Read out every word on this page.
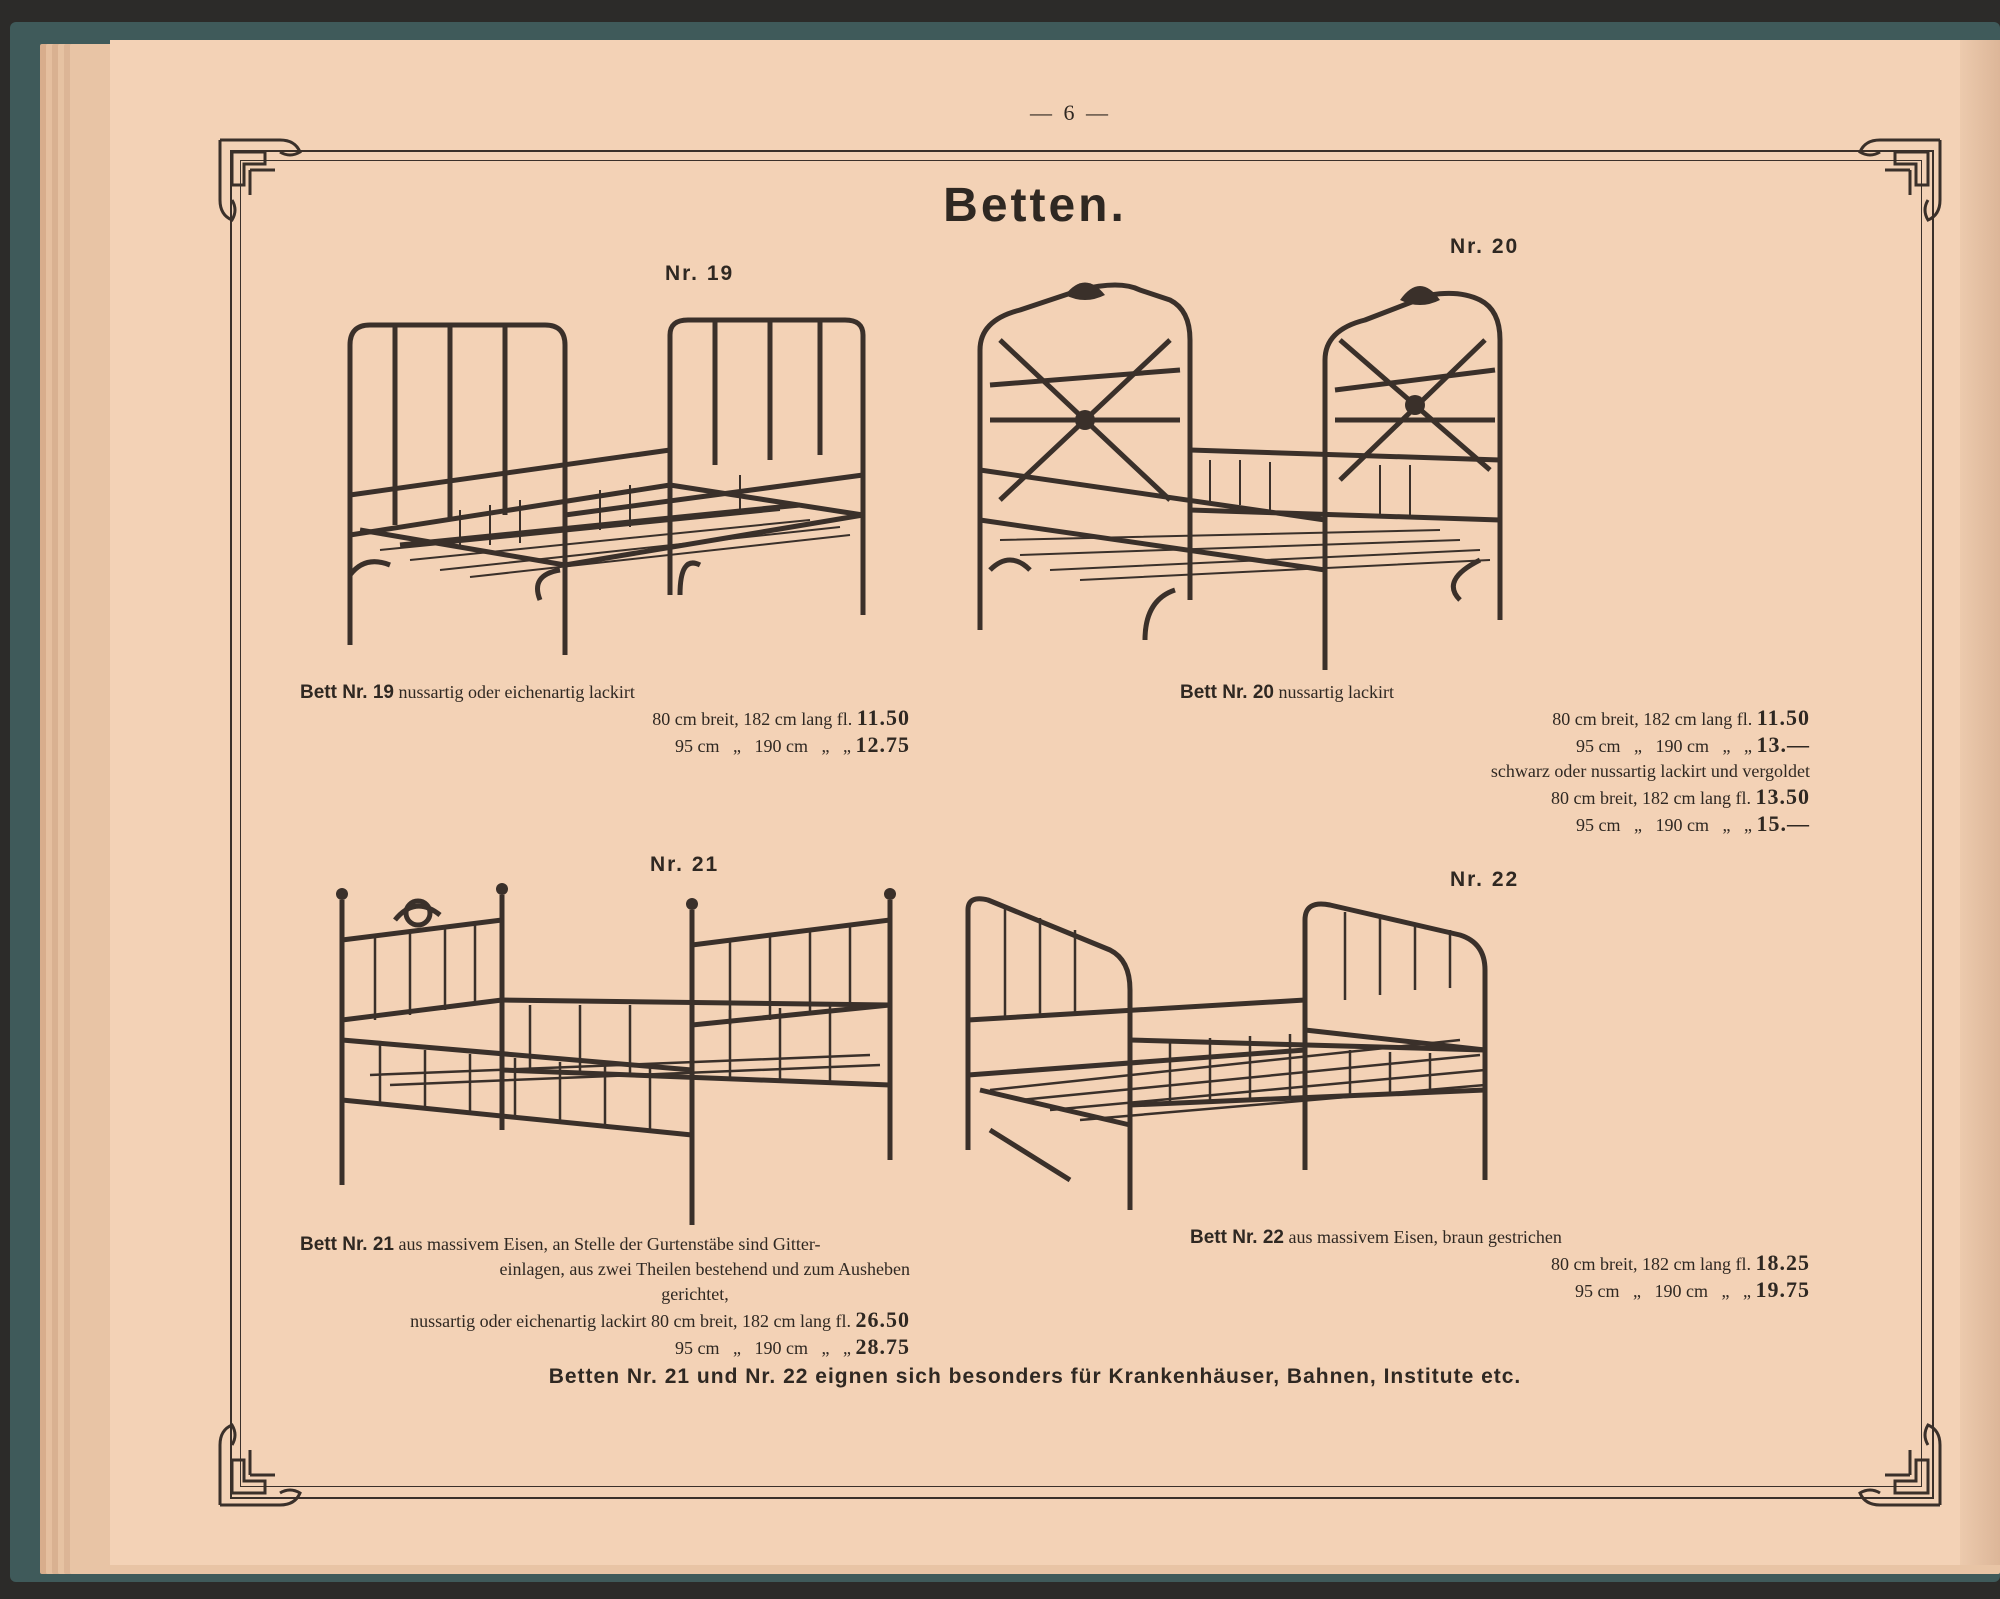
— 6 —
Betten.
Nr. 19
Bett Nr. 19 nussartig oder eichenartig lackirt
80 cm breit, 182 cm lang fl. 11.50
95 cm   „   190 cm   „   „ 12.75
Nr. 20
Bett Nr. 20 nussartig lackirt
80 cm breit, 182 cm lang fl. 11.50
95 cm   „   190 cm   „   „ 13.—
schwarz oder nussartig lackirt und vergoldet
80 cm breit, 182 cm lang fl. 13.50
95 cm   „   190 cm   „   „ 15.—
Nr. 21
Bett Nr. 21 aus massivem Eisen, an Stelle der Gurtenstäbe sind Gitter-
einlagen, aus zwei Theilen bestehend und zum Ausheben
gerichtet,
nussartig oder eichenartig lackirt 80 cm breit, 182 cm lang fl. 26.50
95 cm   „   190 cm   „   „ 28.75
Nr. 22
Bett Nr. 22 aus massivem Eisen, braun gestrichen
80 cm breit, 182 cm lang fl. 18.25
95 cm   „   190 cm   „   „ 19.75
Betten Nr. 21 und Nr. 22 eignen sich besonders für Krankenhäuser, Bahnen, Institute etc.
